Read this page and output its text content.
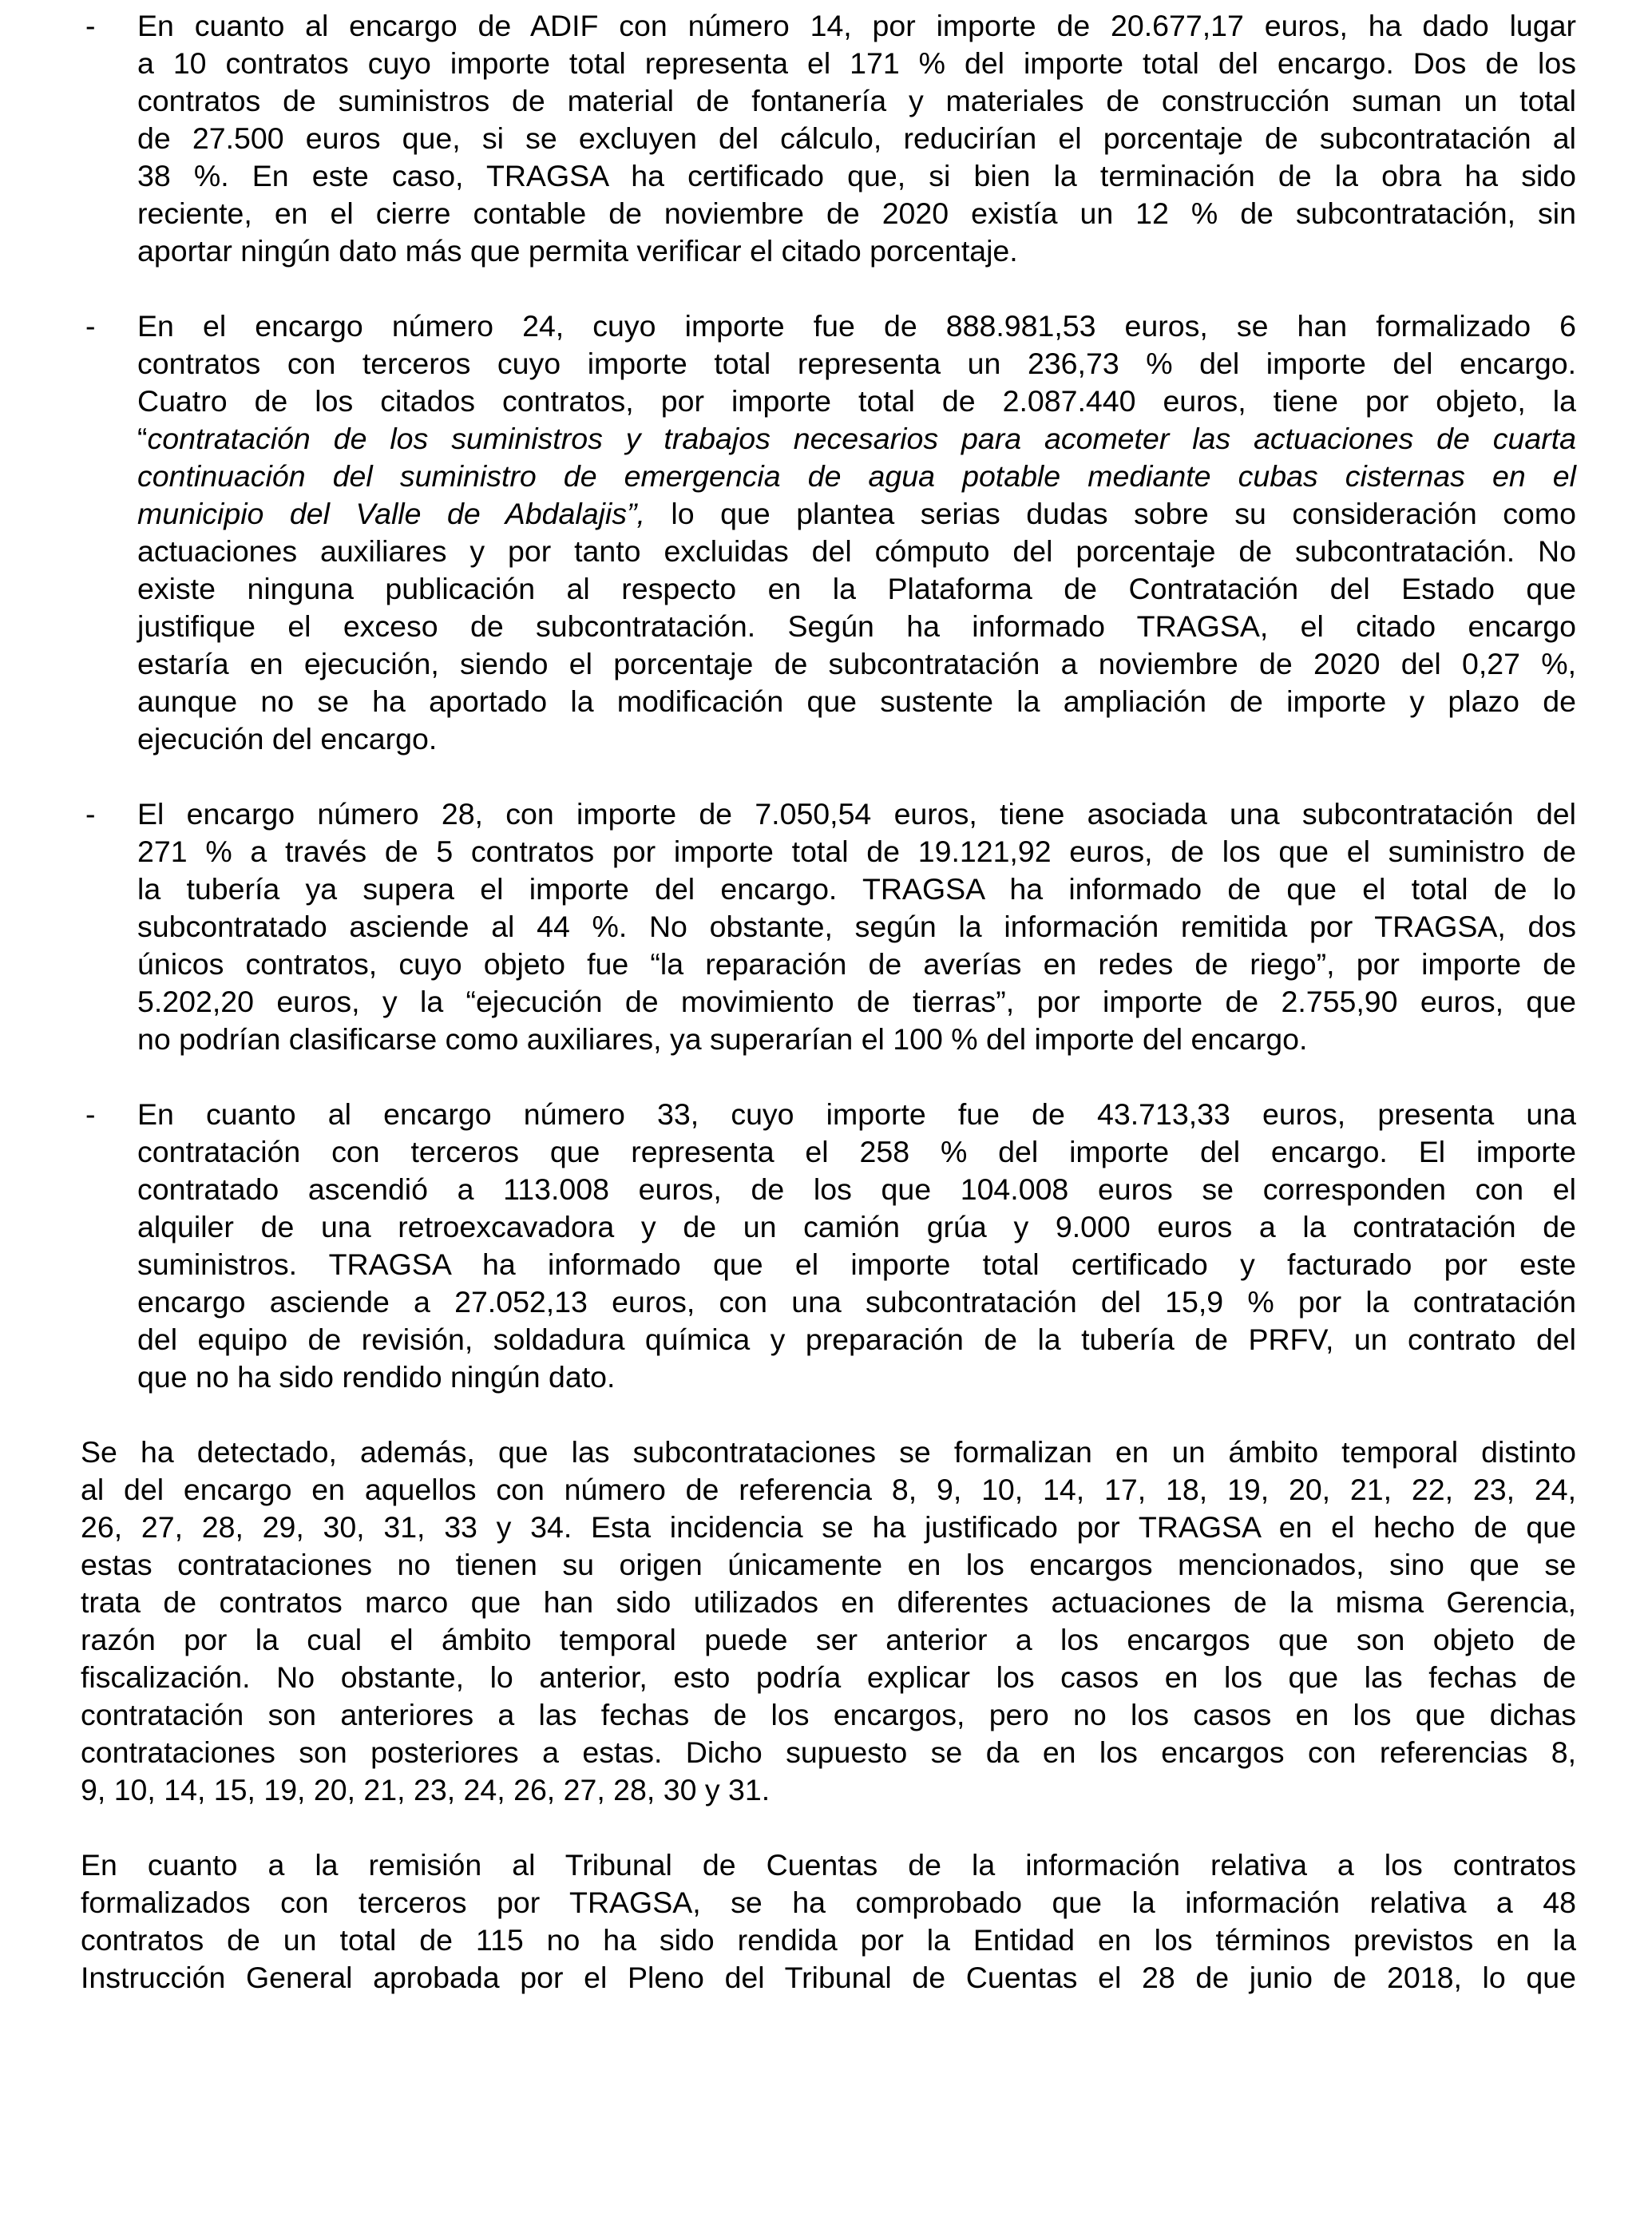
- En cuanto al encargo de ADIF con número 14, por importe de 20.677,17 euros, ha dado lugar
a 10 contratos cuyo importe total representa el 171 % del importe total del encargo. Dos de los
contratos de suministros de material de fontanería y materiales de construcción suman un total
de 27.500 euros que, si se excluyen del cálculo, reducirían el porcentaje de subcontratación al
38 %. En este caso, TRAGSA ha certificado que, si bien la terminación de la obra ha sido
reciente, en el cierre contable de noviembre de 2020 existía un 12 % de subcontratación, sin
aportar ningún dato más que permita verificar el citado porcentaje.
- En el encargo número 24, cuyo importe fue de 888.981,53 euros, se han formalizado 6
contratos con terceros cuyo importe total representa un 236,73 % del importe del encargo.
Cuatro de los citados contratos, por importe total de 2.087.440 euros, tiene por objeto, la
“contratación de los suministros y trabajos necesarios para acometer las actuaciones de cuarta
continuación del suministro de emergencia de agua potable mediante cubas cisternas en el
municipio del Valle de Abdalajis”, lo que plantea serias dudas sobre su consideración como
actuaciones auxiliares y por tanto excluidas del cómputo del porcentaje de subcontratación. No
existe ninguna publicación al respecto en la Plataforma de Contratación del Estado que
justifique el exceso de subcontratación. Según ha informado TRAGSA, el citado encargo
estaría en ejecución, siendo el porcentaje de subcontratación a noviembre de 2020 del 0,27 %,
aunque no se ha aportado la modificación que sustente la ampliación de importe y plazo de
ejecución del encargo.
- El encargo número 28, con importe de 7.050,54 euros, tiene asociada una subcontratación del
271 % a través de 5 contratos por importe total de 19.121,92 euros, de los que el suministro de
la tubería ya supera el importe del encargo. TRAGSA ha informado de que el total de lo
subcontratado asciende al 44 %. No obstante, según la información remitida por TRAGSA, dos
únicos contratos, cuyo objeto fue “la reparación de averías en redes de riego”, por importe de
5.202,20 euros, y la “ejecución de movimiento de tierras”, por importe de 2.755,90 euros, que
no podrían clasificarse como auxiliares, ya superarían el 100 % del importe del encargo.
- En cuanto al encargo número 33, cuyo importe fue de 43.713,33 euros, presenta una
contratación con terceros que representa el 258 % del importe del encargo. El importe
contratado ascendió a 113.008 euros, de los que 104.008 euros se corresponden con el
alquiler de una retroexcavadora y de un camión grúa y 9.000 euros a la contratación de
suministros. TRAGSA ha informado que el importe total certificado y facturado por este
encargo asciende a 27.052,13 euros, con una subcontratación del 15,9 % por la contratación
del equipo de revisión, soldadura química y preparación de la tubería de PRFV, un contrato del
que no ha sido rendido ningún dato.
Se ha detectado, además, que las subcontrataciones se formalizan en un ámbito temporal distinto
al del encargo en aquellos con número de referencia 8, 9, 10, 14, 17, 18, 19, 20, 21, 22, 23, 24,
26, 27, 28, 29, 30, 31, 33 y 34. Esta incidencia se ha justificado por TRAGSA en el hecho de que
estas contrataciones no tienen su origen únicamente en los encargos mencionados, sino que se
trata de contratos marco que han sido utilizados en diferentes actuaciones de la misma Gerencia,
razón por la cual el ámbito temporal puede ser anterior a los encargos que son objeto de
fiscalización. No obstante, lo anterior, esto podría explicar los casos en los que las fechas de
contratación son anteriores a las fechas de los encargos, pero no los casos en los que dichas
contrataciones son posteriores a estas. Dicho supuesto se da en los encargos con referencias 8,
9, 10, 14, 15, 19, 20, 21, 23, 24, 26, 27, 28, 30 y 31.
En cuanto a la remisión al Tribunal de Cuentas de la información relativa a los contratos
formalizados con terceros por TRAGSA, se ha comprobado que la información relativa a 48
contratos de un total de 115 no ha sido rendida por la Entidad en los términos previstos en la
Instrucción General aprobada por el Pleno del Tribunal de Cuentas el 28 de junio de 2018, lo que
